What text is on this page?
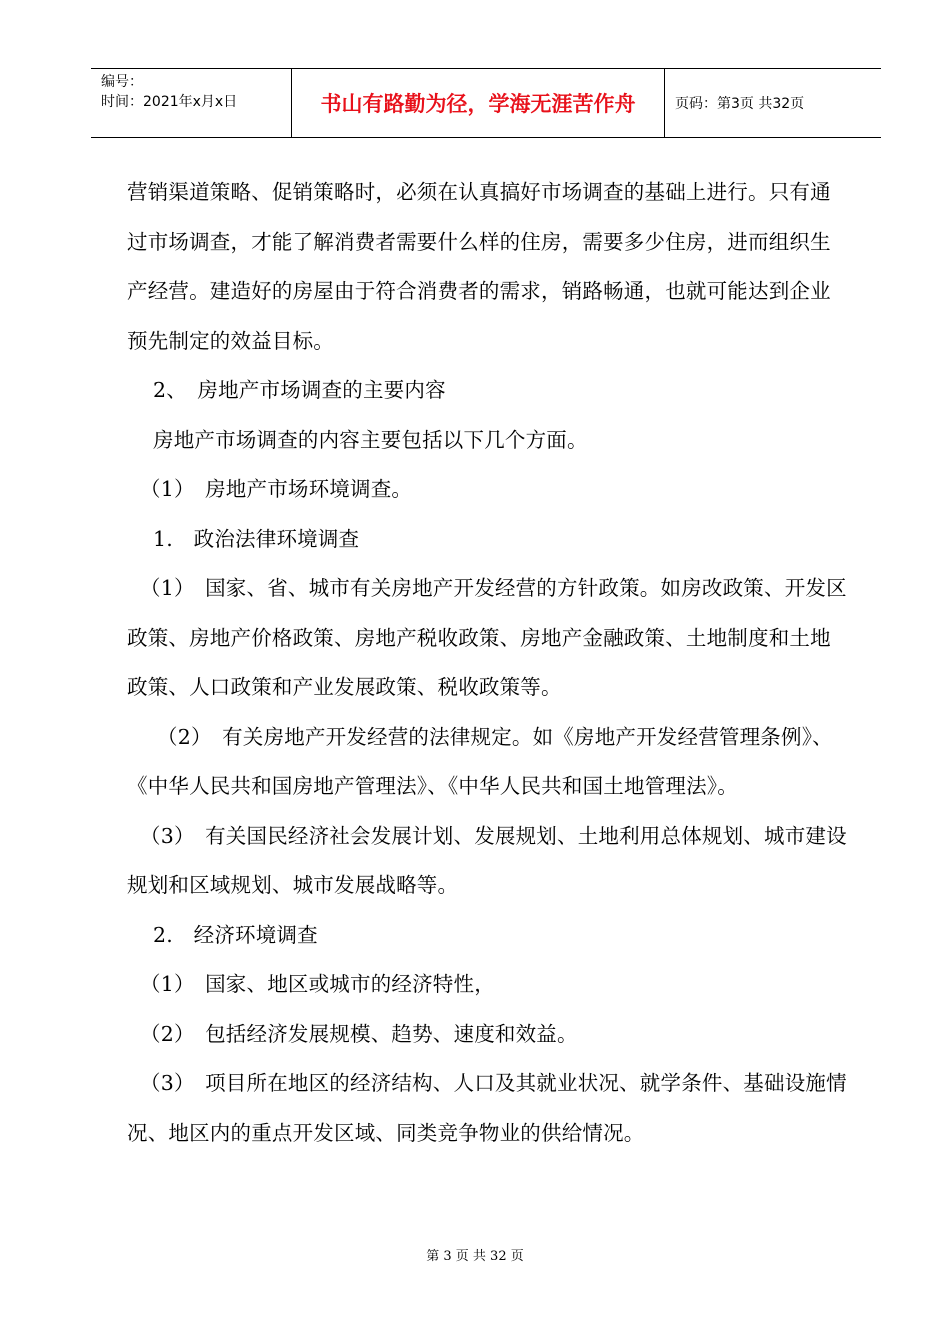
编号：
时间：2021年x月x日	书山有路勤为径，学海无涯苦作舟	页码：第3页 共32页

营销渠道策略、促销策略时，必须在认真搞好市场调查的基础上进行。只有通过市场调查，才能了解消费者需要什么样的住房，需要多少住房，进而组织生产经营。建造好的房屋由于符合消费者的需求，销路畅通，也就可能达到企业预先制定的效益目标。

2、　房地产市场调查的主要内容

房地产市场调查的内容主要包括以下几个方面。

（1）　房地产市场环境调查。

1.　政治法律环境调查

（1）　国家、省、城市有关房地产开发经营的方针政策。如房改政策、开发区政策、房地产价格政策、房地产税收政策、房地产金融政策、土地制度和土地政策、人口政策和产业发展政策、税收政策等。

（2）　有关房地产开发经营的法律规定。如《房地产开发经营管理条例》、《中华人民共和国房地产管理法》、《中华人民共和国土地管理法》。

（3）　有关国民经济社会发展计划、发展规划、土地利用总体规划、城市建设规划和区域规划、城市发展战略等。

2.　经济环境调查

（1）　国家、地区或城市的经济特性，

（2）　包括经济发展规模、趋势、速度和效益。

（3）　项目所在地区的经济结构、人口及其就业状况、就学条件、基础设施情况、地区内的重点开发区域、同类竞争物业的供给情况。

第 3 页 共 32 页
